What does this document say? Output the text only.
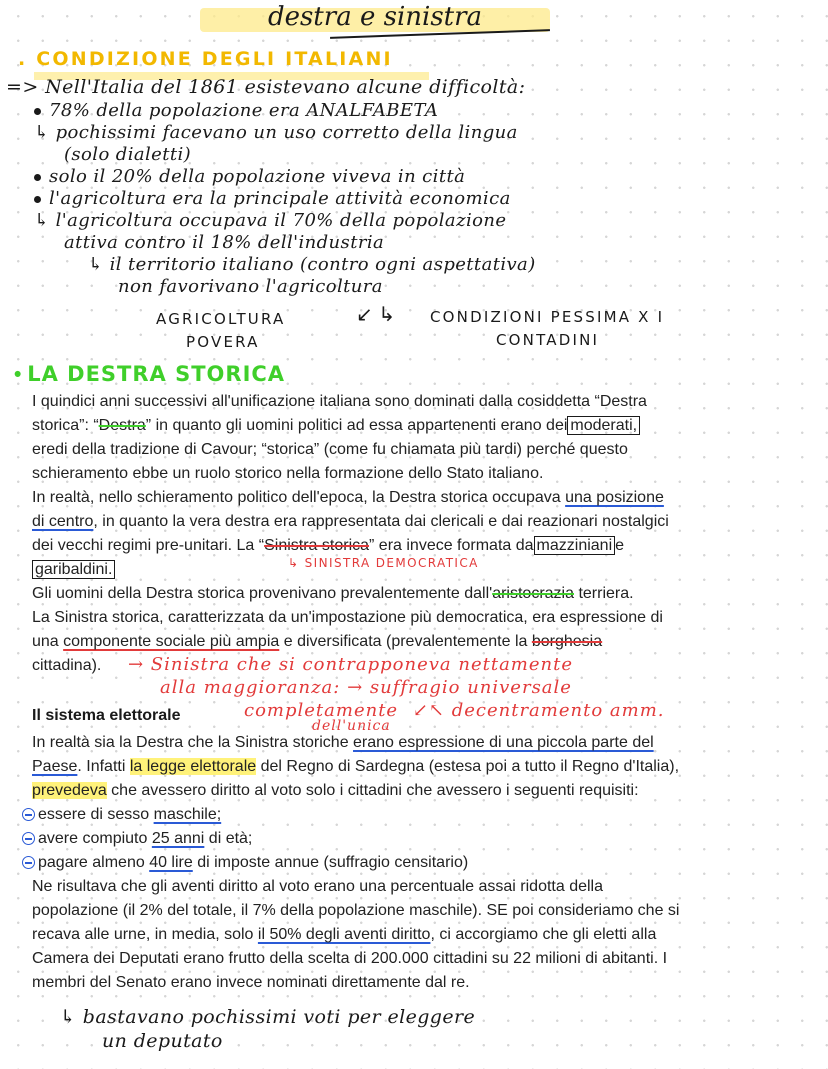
destra e sinistra
. CONDIZIONE DEGLI ITALIANI
=> Nell'Italia del 1861 esistevano alcune difficoltà:
78% della popolazione era ANALFABETA
↳ pochissimi facevano un uso corretto della lingua
(solo dialetti)
solo il 20% della popolazione viveva in città
l'agricoltura era la principale attività economica
↳ l'agricoltura occupava il 70% della popolazione
attiva contro il 18% dell'industria
↳ il territorio italiano (contro ogni aspettativa)
non favorivano l'agricoltura
AGRICOLTURA
POVERA
↙ ↳ CONDIZIONI PESSIMA X I
CONTADINI
• LA DESTRA STORICA
I quindici anni successivi all'unificazione italiana sono dominati dalla cosiddetta “Destra
storica”: “Destra” in quanto gli uomini politici ad essa appartenenti erano dei moderati,
eredi della tradizione di Cavour; “storica” (come fu chiamata più tardi) perché questo
schieramento ebbe un ruolo storico nella formazione dello Stato italiano.
In realtà, nello schieramento politico dell'epoca, la Destra storica occupava una posizione
di centro, in quanto la vera destra era rappresentata dai clericali e dai reazionari nostalgici
dei vecchi regimi pre-unitari. La “Sinistra storica” era invece formata da mazziniani e
garibaldini.	↳ SINISTRA DEMOCRATICA
Gli uomini della Destra storica provenivano prevalentemente dall'aristocrazia terriera.
La Sinistra storica, caratterizzata da un'impostazione più democratica, era espressione di
una componente sociale più ampia e diversificata (prevalentemente la borghesia
cittadina). → Sinistra che si contrapponeva nettamente
alla maggioranza: → suffragio universale
completamente ↙↖ decentramento amm.
dell'unica
Il sistema elettorale
In realtà sia la Destra che la Sinistra storiche erano espressione di una piccola parte del
Paese. Infatti la legge elettorale del Regno di Sardegna (estesa poi a tutto il Regno d'Italia),
prevedeva che avessero diritto al voto solo i cittadini che avessero i seguenti requisiti:
essere di sesso maschile;
avere compiuto 25 anni di età;
pagare almeno 40 lire di imposte annue (suffragio censitario)
Ne risultava che gli aventi diritto al voto erano una percentuale assai ridotta della
popolazione (il 2% del totale, il 7% della popolazione maschile). SE poi consideriamo che si
recava alle urne, in media, solo il 50% degli aventi diritto, ci accorgiamo che gli eletti alla
Camera dei Deputati erano frutto della scelta di 200.000 cittadini su 22 milioni di abitanti. I
membri del Senato erano invece nominati direttamente dal re.
↳ bastavano pochissimi voti per eleggere
un deputato
